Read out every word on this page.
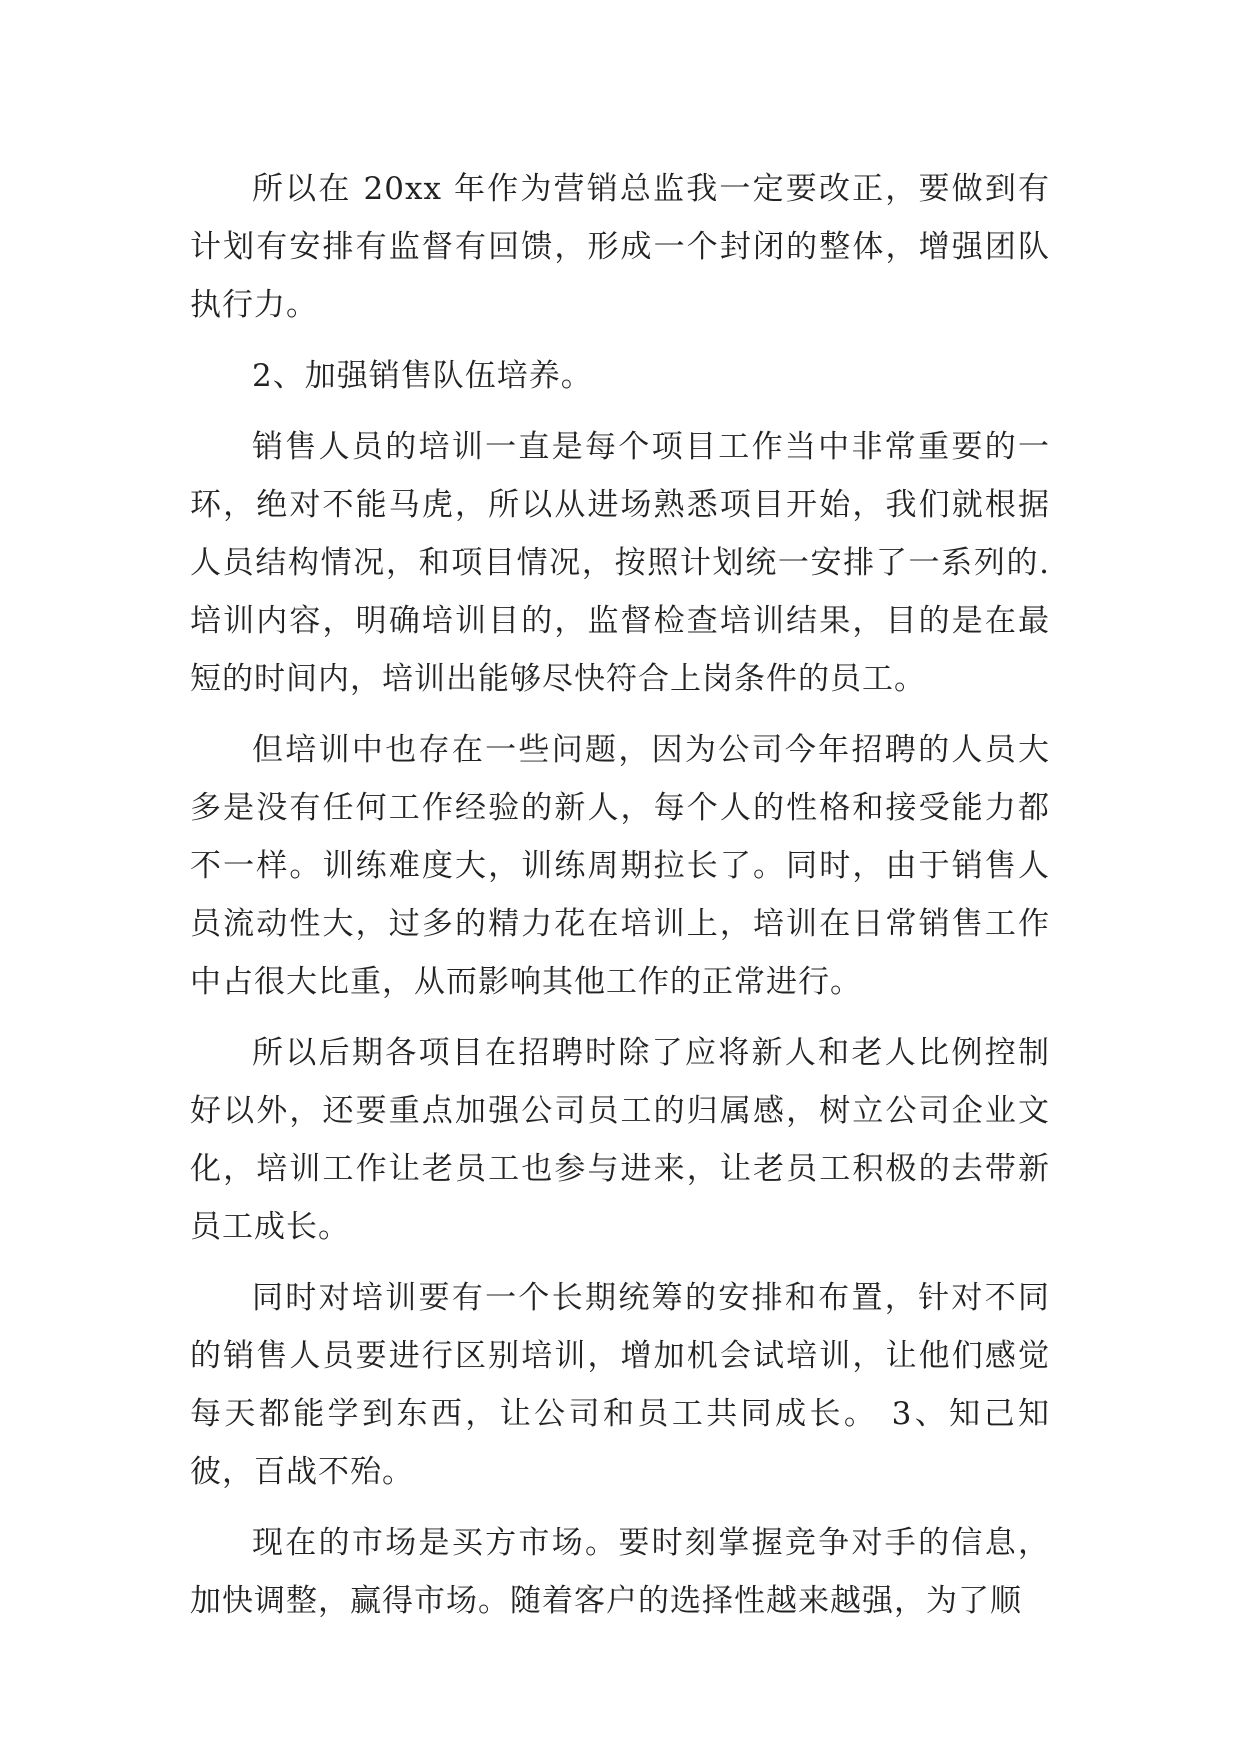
所以在 20xx 年作为营销总监我一定要改正，要做到有计划有安排有监督有回馈，形成一个封闭的整体，增强团队执行力。

2、加强销售队伍培养。

销售人员的培训一直是每个项目工作当中非常重要的一环，绝对不能马虎，所以从进场熟悉项目开始，我们就根据人员结构情况，和项目情况，按照计划统一安排了一系列的. 培训内容，明确培训目的，监督检查培训结果，目的是在最短的时间内，培训出能够尽快符合上岗条件的员工。

但培训中也存在一些问题，因为公司今年招聘的人员大多是没有任何工作经验的新人，每个人的性格和接受能力都不一样。训练难度大，训练周期拉长了。同时，由于销售人员流动性大，过多的精力花在培训上，培训在日常销售工作中占很大比重，从而影响其他工作的正常进行。

所以后期各项目在招聘时除了应将新人和老人比例控制好以外，还要重点加强公司员工的归属感，树立公司企业文化，培训工作让老员工也参与进来，让老员工积极的去带新员工成长。

同时对培训要有一个长期统筹的安排和布置，针对不同的销售人员要进行区别培训，增加机会试培训，让他们感觉每天都能学到东西，让公司和员工共同成长。 3、知己知彼，百战不殆。

现在的市场是买方市场。要时刻掌握竞争对手的信息，加快调整，赢得市场。随着客户的选择性越来越强，为了顺
